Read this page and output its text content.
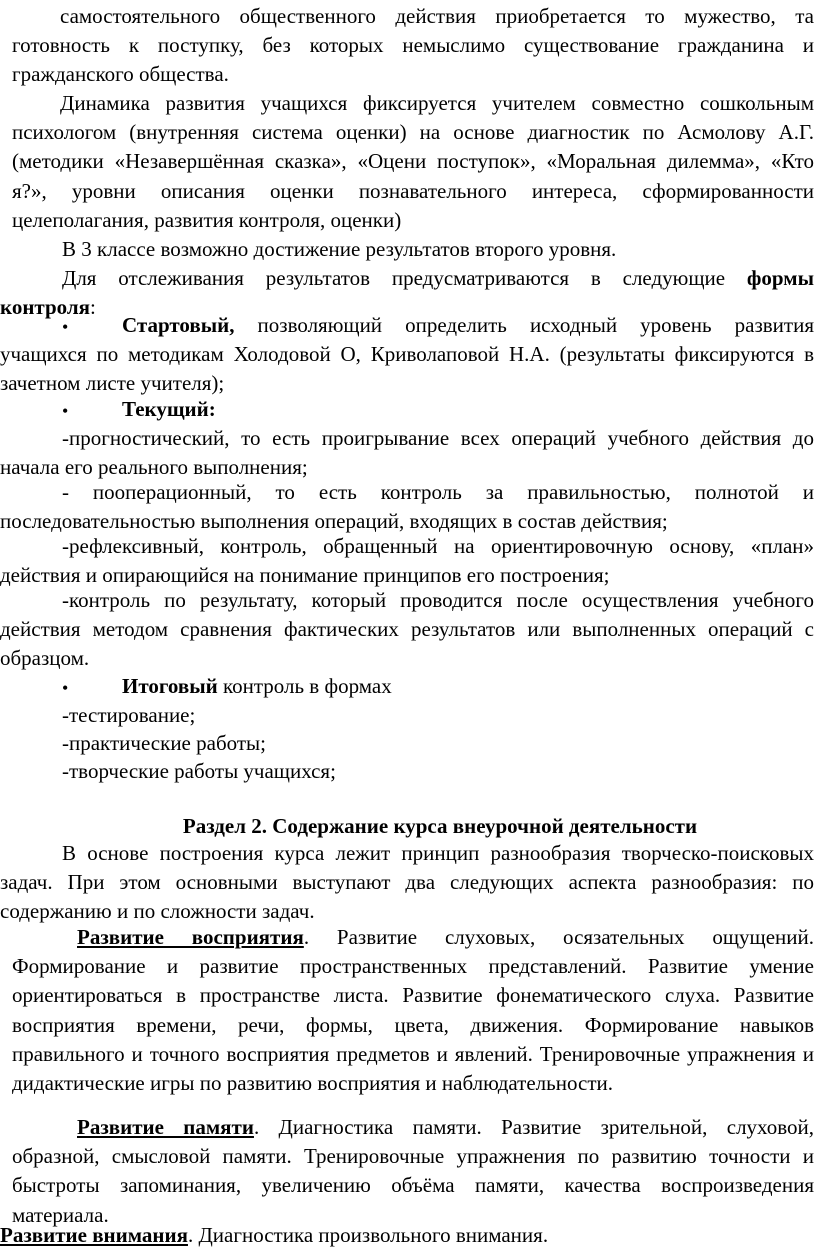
самостоятельного общественного действия приобретается то мужество, та готовность к поступку, без которых немыслимо существование гражданина и гражданского общества.
Динамика развития учащихся фиксируется учителем совместно сошкольным психологом (внутренняя система оценки) на основе диагностик по Асмолову А.Г.(методики «Незавершённая сказка», «Оцени поступок», «Моральная дилемма», «Кто я?», уровни описания оценки познавательного интереса, сформированности целеполагания, развития контроля, оценки)
В 3 классе возможно достижение результатов второго уровня.
Для отслеживания результатов предусматриваются в следующие формы контроля:
•	Стартовый, позволяющий определить исходный уровень развития учащихся по методикам Холодовой О, Криволаповой Н.А. (результаты фиксируются в зачетном листе учителя);
•	Текущий:
-прогностический, то есть проигрывание всех операций учебного действия до начала его реального выполнения;
- пооперационный, то есть контроль за правильностью, полнотой и последовательностью выполнения операций, входящих в состав действия;
-рефлексивный, контроль, обращенный на ориентировочную основу, «план» действия и опирающийся на понимание принципов его построения;
-контроль по результату, который проводится после осуществления учебного действия методом сравнения фактических результатов или выполненных операций с образцом.
•	Итоговый контроль в формах
-тестирование;
-практические работы;
-творческие работы учащихся;
Раздел 2. Содержание курса внеурочной деятельности
В основе построения курса лежит принцип разнообразия творческо-поисковых задач. При этом основными выступают два следующих аспекта разнообразия: по содержанию и по сложности задач.
Развитие восприятия. Развитие слуховых, осязательных ощущений. Формирование и развитие пространственных представлений. Развитие умение ориентироваться в пространстве листа. Развитие фонематического слуха. Развитие восприятия времени, речи, формы, цвета, движения. Формирование навыков правильного и точного восприятия предметов и явлений. Тренировочные упражнения и дидактические игры по развитию восприятия и наблюдательности.
Развитие памяти. Диагностика памяти. Развитие зрительной, слуховой, образной, смысловой памяти. Тренировочные упражнения по развитию точности и быстроты запоминания, увеличению объёма памяти, качества воспроизведения материала.
Развитие внимания. Диагностика произвольного внимания.
